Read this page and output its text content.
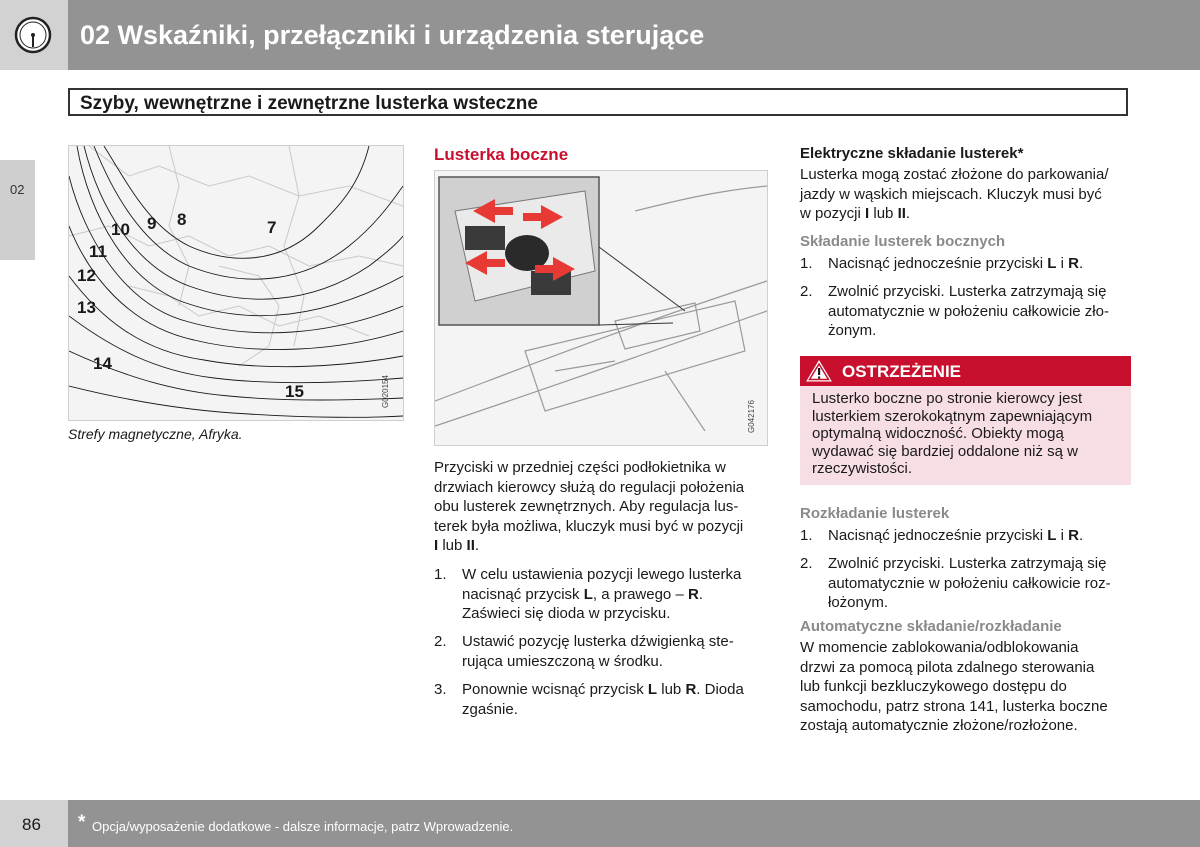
02 Wskaźniki, przełączniki i urządzenia sterujące
02
Szyby, wewnętrzne i zewnętrzne lusterka wsteczne
10 9 8	7
11
12
13
14
15	G020154
Strefy magnetyczne, Afryka.
Lusterka boczne
G042176
Przyciski w przedniej części podłokietnika w
drzwiach kierowcy służą do regulacji położenia
obu lusterek zewnętrznych. Aby regulacja lus-
terek była możliwa, kluczyk musi być w pozycji
I lub II.
1. W celu ustawienia pozycji lewego lusterka
nacisnąć przycisk L, a prawego – R.
Zaświeci się dioda w przycisku.
2. Ustawić pozycję lusterka dźwigienką ste-
rująca umieszczoną w środku.
3. Ponownie wcisnąć przycisk L lub R. Dioda
zgaśnie.
Elektryczne składanie lusterek*
Lusterka mogą zostać złożone do parkowania/
jazdy w wąskich miejscach. Kluczyk musi być
w pozycji I lub II.
Składanie lusterek bocznych
1. Nacisnąć jednocześnie przyciski L i R.
2. Zwolnić przyciski. Lusterka zatrzymają się
automatycznie w położeniu całkowicie zło-
żonym.
OSTRZEŻENIE
Lusterko boczne po stronie kierowcy jest lusterkiem szerokokątnym zapewniającym optymalną widoczność. Obiekty mogą wydawać się bardziej oddalone niż są w rzeczywistości.
Rozkładanie lusterek
1. Nacisnąć jednocześnie przyciski L i R.
2. Zwolnić przyciski. Lusterka zatrzymają się
automatycznie w położeniu całkowicie roz-
łożonym.
Automatyczne składanie/rozkładanie
W momencie zablokowania/odblokowania
drzwi za pomocą pilota zdalnego sterowania
lub funkcji bezkluczykowego dostępu do
samochodu, patrz strona 141, lusterka boczne
zostają automatycznie złożone/rozłożone.
86 * Opcja/wyposażenie dodatkowe - dalsze informacje, patrz Wprowadzenie.
